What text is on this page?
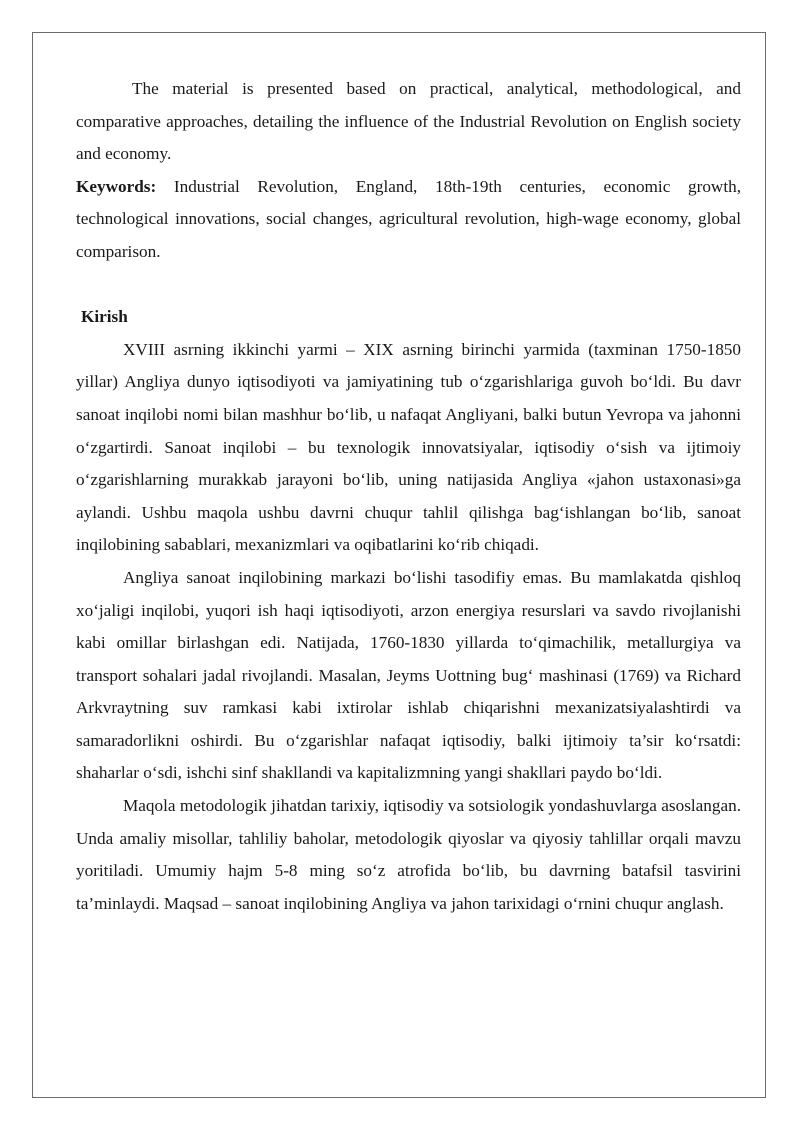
The material is presented based on practical, analytical, methodological, and comparative approaches, detailing the influence of the Industrial Revolution on English society and economy.

Keywords: Industrial Revolution, England, 18th-19th centuries, economic growth, technological innovations, social changes, agricultural revolution, high-wage economy, global comparison.

Kirish

XVIII asrning ikkinchi yarmi – XIX asrning birinchi yarmida (taxminan 1750-1850 yillar) Angliya dunyo iqtisodiyoti va jamiyatining tub o‘zgarishlariga guvoh bo‘ldi. Bu davr sanoat inqilobi nomi bilan mashhur bo‘lib, u nafaqat Angliyani, balki butun Yevropa va jahonni o‘zgartirdi. Sanoat inqilobi – bu texnologik innovatsiyalar, iqtisodiy o‘sish va ijtimoiy o‘zgarishlarning murakkab jarayoni bo‘lib, uning natijasida Angliya «jahon ustaxonasi»ga aylandi. Ushbu maqola ushbu davrni chuqur tahlil qilishga bag‘ishlangan bo‘lib, sanoat inqilobining sabablari, mexanizmlari va oqibatlarini ko‘rib chiqadi.

Angliya sanoat inqilobining markazi bo‘lishi tasodifiy emas. Bu mamlakatda qishloq xo‘jaligi inqilobi, yuqori ish haqi iqtisodiyoti, arzon energiya resurslari va savdo rivojlanishi kabi omillar birlashgan edi. Natijada, 1760-1830 yillarda to‘qimachilik, metallurgiya va transport sohalari jadal rivojlandi. Masalan, Jeyms Uottning bug‘ mashinasi (1769) va Richard Arkvraytning suv ramkasi kabi ixtirolar ishlab chiqarishni mexanizatsiyalashtirdi va samaradorlikni oshirdi. Bu o‘zgarishlar nafaqat iqtisodiy, balki ijtimoiy ta’sir ko‘rsatdi: shaharlar o‘sdi, ishchi sinf shakllandi va kapitalizmning yangi shakllari paydo bo‘ldi.

Maqola metodologik jihatdan tarixiy, iqtisodiy va sotsiologik yondashuvlarga asoslangan. Unda amaliy misollar, tahliliy baholar, metodologik qiyoslar va qiyosiy tahlillar orqali mavzu yoritiladi. Umumiy hajm 5-8 ming so‘z atrofida bo‘lib, bu davrning batafsil tasvirini ta’minlaydi. Maqsad – sanoat inqilobining Angliya va jahon tarixidagi o‘rnini chuqur anglash.
